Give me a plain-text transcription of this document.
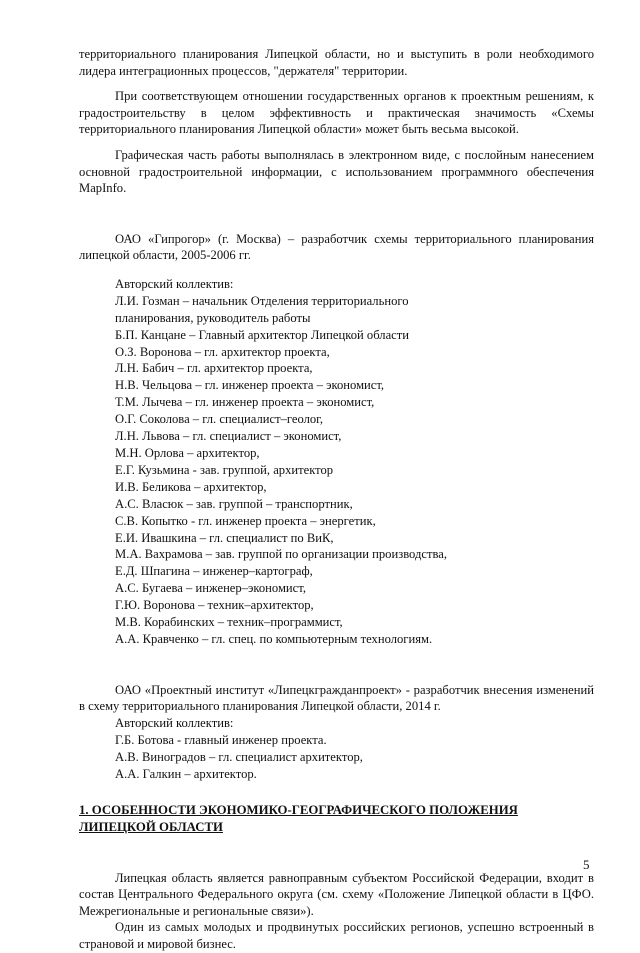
территориального планирования Липецкой области, но и выступить в роли необходимого лидера интеграционных процессов, "держателя" территории.

При соответствующем отношении государственных органов к проектным решениям, к градостроительству в целом эффективность и практическая значимость «Схемы территориального планирования Липецкой области» может быть весьма высокой.

Графическая часть работы выполнялась в электронном виде, с послойным нанесением основной градостроительной информации, с использованием программного обеспечения MapInfo.

ОАО «Гипрогор» (г. Москва) – разработчик схемы территориального планирования липецкой области, 2005-2006 гг.

Авторский коллектив:
Л.И. Гозман – начальник Отделения территориального
планирования, руководитель работы
Б.П. Канцане – Главный архитектор Липецкой области
О.З. Воронова – гл. архитектор проекта,
Л.Н. Бабич – гл. архитектор проекта,
Н.В. Чельцова – гл. инженер проекта – экономист,
Т.М. Лычева – гл. инженер проекта – экономист,
О.Г. Соколова – гл. специалист–геолог,
Л.Н. Львова – гл. специалист – экономист,
М.Н. Орлова – архитектор,
Е.Г. Кузьмина - зав. группой, архитектор
И.В. Беликова – архитектор,
А.С. Власюк – зав. группой – транспортник,
С.В. Копытко - гл. инженер проекта – энергетик,
Е.И. Ивашкина – гл. специалист по ВиК,
М.А. Вахрамова – зав. группой по организации производства,
Е.Д. Шпагина – инженер–картограф,
А.С. Бугаева – инженер–экономист,
Г.Ю. Воронова – техник–архитектор,
М.В. Корабинских – техник–программист,
А.А. Кравченко – гл. спец. по компьютерным технологиям.

ОАО «Проектный институт «Липецкгражданпроект» - разработчик внесения изменений в схему территориального планирования Липецкой области, 2014 г.

Авторский коллектив:
Г.Б. Ботова - главный инженер проекта.
А.В. Виноградов – гл. специалист архитектор,
А.А. Галкин – архитектор.
1. ОСОБЕННОСТИ ЭКОНОМИКО-ГЕОГРАФИЧЕСКОГО ПОЛОЖЕНИЯ ЛИПЕЦКОЙ ОБЛАСТИ

Липецкая область является равноправным субъектом Российской Федерации, входит в состав Центрального Федерального округа (см. схему «Положение Липецкой области в ЦФО. Межрегиональные и региональные связи»).

Один из самых молодых и продвинутых российских регионов, успешно встроенный в страновой и мировой бизнес.

5
